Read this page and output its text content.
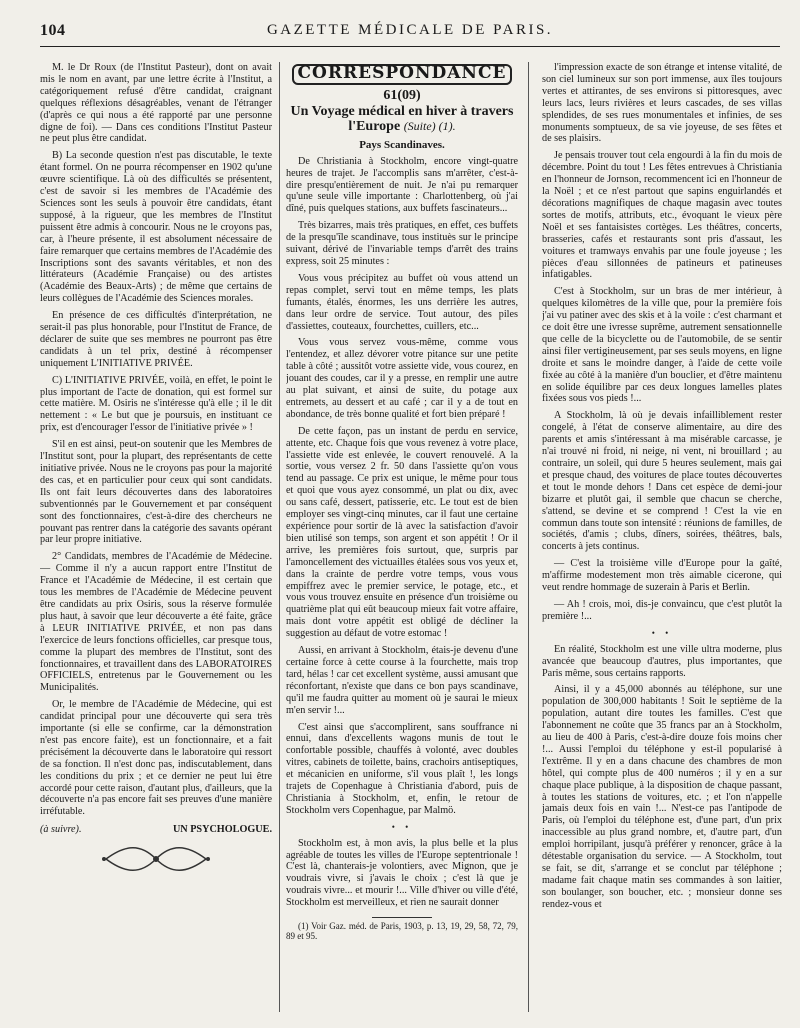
104	GAZETTE MÉDICALE DE PARIS.

M. le Dr Roux (de l'Institut Pasteur), dont on avait mis le nom en avant, par une lettre écrite à l'Institut, a catégoriquement refusé d'être candidat, craignant quelques réflexions désagréables, venant de l'étranger (d'après ce qui nous a été rapporté par une personne digne de foi). — Dans ces conditions l'Institut Pasteur ne peut plus être candidat.

B) La seconde question n'est pas discutable, le texte étant formel. On ne pourra récompenser en 1902 qu'une œuvre scientifique. Là où des difficultés se présentent, c'est de savoir si les membres de l'Académie des Sciences sont les seuls à pouvoir être candidats, étant supposé, à la rigueur, que les membres de l'Institut puissent être admis à concourir. Nous ne le croyons pas, car, à l'heure présente, il est absolument nécessaire de faire remarquer que certains membres de l'Académie des Inscriptions sont des savants véritables, et non des littérateurs (Académie Française) ou des artistes (Académie des Beaux-Arts) ; de même que certains de leurs collègues de l'Académie des Sciences morales.

En présence de ces difficultés d'interprétation, ne serait-il pas plus honorable, pour l'Institut de France, de déclarer de suite que ses membres ne pourront pas être candidats à un tel prix, destiné à récompenser uniquement L'INITIATIVE PRIVÉE.

C) L'INITIATIVE PRIVÉE, voilà, en effet, le point le plus important de l'acte de donation, qui est formel sur cette matière. M. Osiris ne s'intéresse qu'à elle ; il le dit nettement : « Le but que je poursuis, en instituant ce prix, est d'encourager l'essor de l'initiative privée » !

S'il en est ainsi, peut-on soutenir que les Membres de l'Institut sont, pour la plupart, des représentants de cette initiative privée. Nous ne le croyons pas pour la majorité des cas, et en particulier pour ceux qui sont candidats. Ils ont fait leurs découvertes dans des laboratoires subventionnés par le Gouvernement et par conséquent sont des fonctionnaires, c'est-à-dire des chercheurs ne pouvant pas rentrer dans la catégorie des savants opérant par leur propre initiative.

2° Candidats, membres de l'Académie de Médecine. — Comme il n'y a aucun rapport entre l'Institut de France et l'Académie de Médecine, il est certain que tous les membres de l'Académie de Médecine peuvent être candidats au prix Osiris, sous la réserve formulée plus haut, à savoir que leur découverte a été faite, grâce à LEUR INITIATIVE PRIVÉE, et non pas dans l'exercice de leurs fonctions officielles, car presque tous, comme la plupart des membres de l'Institut, sont des fonctionnaires, et travaillent dans des LABORATOIRES OFFICIELS, entretenus par le Gouvernement ou les Municipalités.

Or, le membre de l'Académie de Médecine, qui est candidat principal pour une découverte qui sera très importante (si elle se confirme, car la démonstration n'est pas encore faite), est un fonctionnaire, et a fait précisément la découverte dans le laboratoire qui ressort de sa fonction. Il n'est donc pas, indiscutablement, dans les conditions du prix ; et ce dernier ne peut lui être accordé pour cette raison, d'autant plus, d'ailleurs, que la découverte n'a pas encore fait ses preuves d'une manière irréfutable.

(à suivre).	UN PSYCHOLOGUE.
CORRESPONDANCE
61(09)
Un Voyage médical en hiver à travers l'Europe (Suite) (1).
Pays Scandinaves.

De Christiania à Stockholm, encore vingt-quatre heures de trajet. Je l'accomplis sans m'arrêter, c'est-à-dire presqu'entièrement de nuit. Je n'ai pu remarquer qu'une seule ville importante : Charlottenberg, où j'ai dîné, puis quelques stations, aux buffets fascinateurs...

Très bizarres, mais très pratiques, en effet, ces buffets de la presqu'île scandinave, tous instituès sur le principe suivant, dérivé de l'invariable temps d'arrêt des trains express, soit 25 minutes :

Vous vous précipitez au buffet où vous attend un repas complet, servi tout en même temps, les plats fumants, étalés, énormes, les uns derrière les autres, dans leur ordre de service. Tout autour, des piles d'assiettes, couteaux, fourchettes, cuillers, etc...

Vous vous servez vous-même, comme vous l'entendez, et allez dévorer votre pitance sur une petite table à côté ; aussitôt votre assiette vide, vous courez, en jouant des coudes, car il y a presse, en remplir une autre au plat suivant, et ainsi de suite, du potage aux entremets, au dessert et au café ; car il y a de tout en abondance, de très bonne qualité et fort bien préparé !

De cette façon, pas un instant de perdu en service, attente, etc. Chaque fois que vous revenez à votre place, l'assiette vide est enlevée, le couvert renouvelé. A la sortie, vous versez 2 fr. 50 dans l'assiette qu'on vous tend au passage. Ce prix est unique, le même pour tous et quoi que vous ayez consommé, un plat ou dix, avec ou sans café, dessert, patisserie, etc. Le tout est de bien employer ses vingt-cinq minutes, car il faut une certaine expérience pour sortir de là avec la satisfaction d'avoir bien utilisé son temps, son argent et son appétit ! Or il arrive, les premières fois surtout, que, surpris par l'amoncellement des victuailles étalées sous vos yeux et, dans la crainte de perdre votre temps, vous vous empiffrez avec le premier service, le potage, etc., et vous vous trouvez ensuite en présence d'un troisième ou quatrième plat qui eût beaucoup mieux fait votre affaire, mais dont votre appétit est obligé de décliner la suggestion au défaut de votre estomac !

Aussi, en arrivant à Stockholm, étais-je devenu d'une certaine force à cette course à la fourchette, mais trop tard, hélas ! car cet excellent système, aussi amusant que réconfortant, n'existe que dans ce bon pays scandinave, qu'il me faudra quitter au moment où je saurai le mieux m'en servir !...

C'est ainsi que s'accomplirent, sans souffrance ni ennui, dans d'excellents wagons munis de tout le confortable possible, chauffés à volonté, avec doubles vitres, cabinets de toilette, bains, crachoirs antiseptiques, et mécanicien en uniforme, s'il vous plaît !, les longs trajets de Copenhague à Christiania d'abord, puis de Christiania à Stockholm, et, enfin, le retour de Stockholm vers Copenhague, par Malmö.

• •

Stockholm est, à mon avis, la plus belle et la plus agréable de toutes les villes de l'Europe septentrionale ! C'est là, chanterais-je volontiers, avec Mignon, que je voudrais vivre, si j'avais le choix ; c'est là que je voudrais vivre... et mourir !... Ville d'hiver ou ville d'été, Stockholm est merveilleux, et rien ne saurait donner

(1) Voir Gaz. méd. de Paris, 1903, p. 13, 19, 29, 58, 72, 79, 89 et 95.

l'impression exacte de son étrange et intense vitalité, de son ciel lumineux sur son port immense, aux îles toujours vertes et attirantes, de ses environs si pittoresques, avec leurs lacs, leurs rivières et leurs cascades, de ses villas splendides, de ses rues monumentales et infinies, de ses monuments somptueux, de sa vie joyeuse, de ses fêtes et de ses plaisirs.

Je pensais trouver tout cela engourdi à la fin du mois de décembre. Point du tout ! Les fêtes entrevues à Christiania en l'honneur de Jornson, recommencent ici en l'honneur de la Noël ; et ce n'est partout que sapins enguirlandés et décorations magnifiques de chaque magasin avec toutes sortes de motifs, attributs, etc., évoquant le vieux père Noël et ses fantaisistes cortèges. Les théâtres, concerts, brasseries, cafés et restaurants sont pris d'assaut, les voitures et tramways envahis par une foule joyeuse ; les pièces d'eau sillonnées de patineurs et patineuses infatigables.

C'est à Stockholm, sur un bras de mer intérieur, à quelques kilomètres de la ville que, pour la première fois j'ai vu patiner avec des skis et à la voile : c'est charmant et ce doit être une ivresse suprême, autrement sensationnelle que celle de la bicyclette ou de l'automobile, de se sentir ainsi filer vertigineusement, par ses seuls moyens, en ligne droite et sans le moindre danger, à l'aide de cette voile fixée au côté à la manière d'un bouclier, et d'être maintenu en solide équilibre par ces deux longues lamelles plates fixées sous vos pieds !...

A Stockholm, là où je devais infailliblement rester congelé, à l'état de conserve alimentaire, au dire des parents et amis s'intéressant à ma misérable carcasse, je n'ai trouvé ni froid, ni neige, ni vent, ni brouillard ; au contraire, un soleil, qui dure 5 heures seulement, mais gai et presque chaud, des voitures de place toutes découvertes et tout le monde dehors ! Dans cet espèce de demi-jour bizarre et plutôt gai, il semble que chacun se cherche, s'attend, se devine et se comprend ! C'est la vie en commun dans toute son intensité : réunions de familles, de sociétés, d'amis ; clubs, dîners, soirées, théâtres, bals, concerts à jets continus.

— C'est la troisième ville d'Europe pour la gaîté, m'affirme modestement mon très aimable cicerone, qui veut rendre hommage de suzerain à Paris et Berlin.

— Ah ! crois, moi, dis-je convaincu, que c'est plutôt la première !...

• •

En réalité, Stockholm est une ville ultra moderne, plus avancée que beaucoup d'autres, plus importantes, que Paris même, sous certains rapports.

Ainsi, il y a 45,000 abonnés au téléphone, sur une population de 300,000 habitants ! Soit le septième de la population, autant dire toutes les familles. C'est que l'abonnement ne coûte que 35 francs par an à Stockholm, au lieu de 400 à Paris, c'est-à-dire douze fois moins cher !... Aussi l'emploi du téléphone y est-il popularisé à l'extrême. Il y en a dans chacune des chambres de mon hôtel, qui compte plus de 400 numéros ; il y en a sur chaque place publique, à la disposition de chaque passant, à toutes les stations de voitures, etc. ; et l'on n'appelle jamais deux fois en vain !... N'est-ce pas l'antipode de Paris, où l'emploi du téléphone est, d'une part, d'un prix inaccessible au plus grand nombre, et, d'autre part, d'un emploi horripilant, jusqu'à préférer y renoncer, grâce à la détestable organisation du service. — A Stockholm, tout se fait, se dit, s'arrange et se conclut par téléphone ; madame fait chaque matin ses commandes à son laitier, son boulanger, son boucher, etc. ; monsieur donne ses rendez-vous et
